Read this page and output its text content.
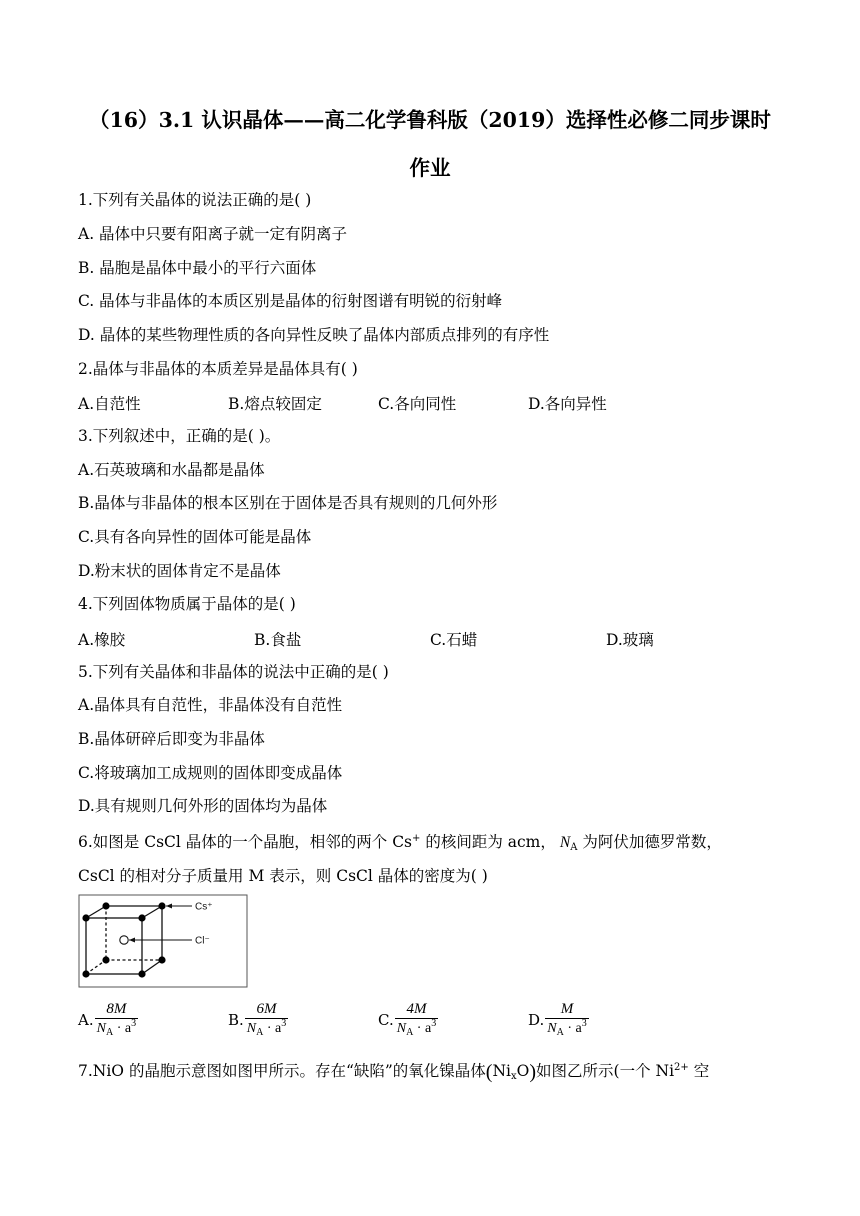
（16）3.1 认识晶体——高二化学鲁科版（2019）选择性必修二同步课时
作业
1.下列有关晶体的说法正确的是( )
A. 晶体中只要有阳离子就一定有阴离子
B. 晶胞是晶体中最小的平行六面体
C. 晶体与非晶体的本质区别是晶体的衍射图谱有明锐的衍射峰
D. 晶体的某些物理性质的各向异性反映了晶体内部质点排列的有序性
2.晶体与非晶体的本质差异是晶体具有( )
A.自范性	B.熔点较固定	C.各向同性	D.各向异性
3.下列叙述中，正确的是( )。
A.石英玻璃和水晶都是晶体
B.晶体与非晶体的根本区别在于固体是否具有规则的几何外形
C.具有各向异性的固体可能是晶体
D.粉末状的固体肯定不是晶体
4.下列固体物质属于晶体的是( )
A.橡胶	B.食盐	C.石蜡	D.玻璃
5.下列有关晶体和非晶体的说法中正确的是( )
A.晶体具有自范性，非晶体没有自范性
B.晶体研碎后即变为非晶体
C.将玻璃加工成规则的固体即变成晶体
D.具有规则几何外形的固体均为晶体
6.如图是 CsCl 晶体的一个晶胞，相邻的两个 Cs+ 的核间距为 acm， $N_A$ 为阿伏加德罗常数，
CsCl 的相对分子质量用 M 表示，则 CsCl 晶体的密度为( )
Cs⁺
Cl⁻
A. $\frac{8M}{N_A \cdot a^3}$	B. $\frac{6M}{N_A \cdot a^3}$	C. $\frac{4M}{N_A \cdot a^3}$	D. $\frac{M}{N_A \cdot a^3}$
7.NiO 的晶胞示意图如图甲所示。存在“缺陷”的氧化镍晶体$(Ni_xO)$如图乙所示(一个 $Ni^{2+}$ 空
